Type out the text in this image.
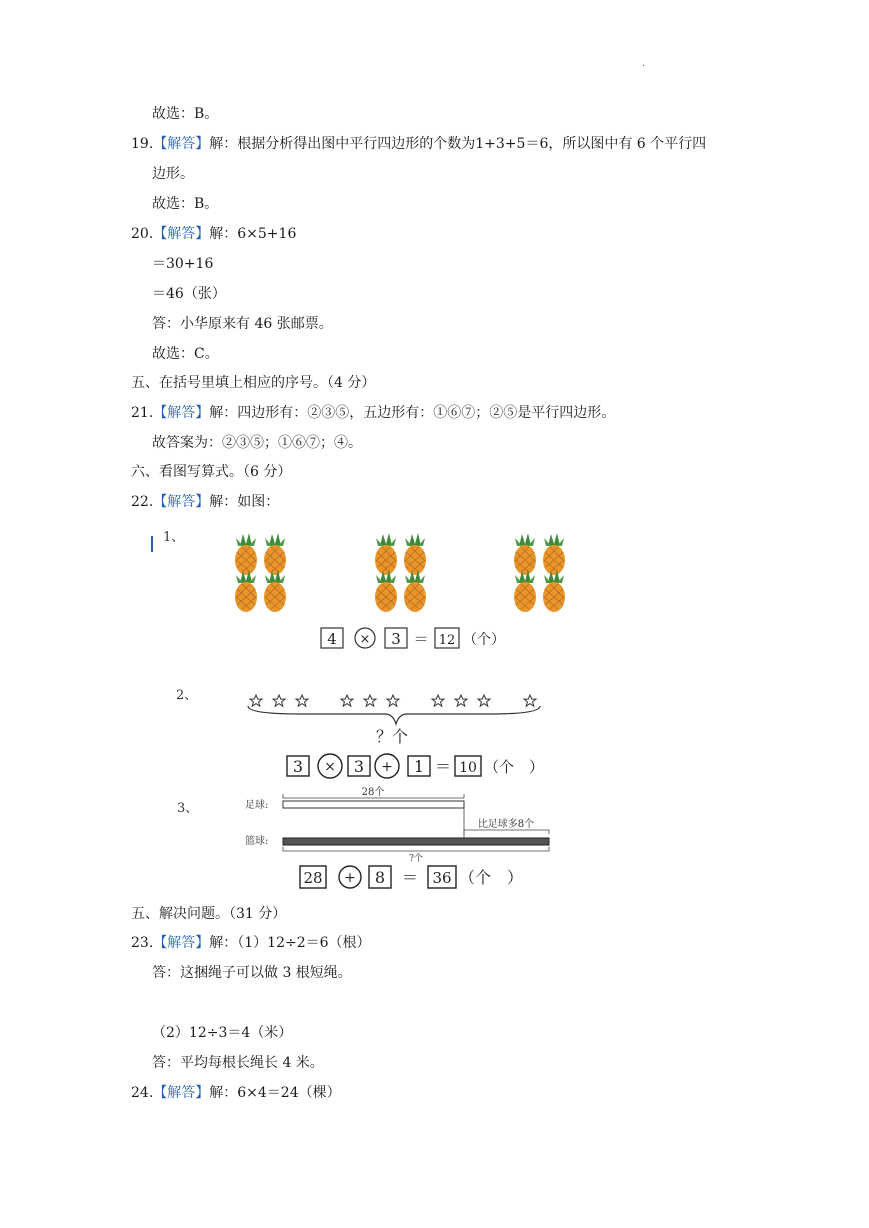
.
故选：B。
19.【解答】解：根据分析得出图中平行四边形的个数为1+3+5＝6，所以图中有 6 个平行四
边形。
故选：B。
20.【解答】解：6×5+16
＝30+16
＝46（张）
答：小华原来有 46 张邮票。
故选：C。
五、在括号里填上相应的序号。（4 分）
21.【解答】解：四边形有：②③⑤，五边形有：①⑥⑦；②⑤是平行四边形。
故答案为：②③⑤；①⑥⑦；④。
六、看图写算式。（6 分）
22.【解答】解：如图：
1、
4 × 3 ＝ 12 （个）
2、
？个
3 × 3 + 1 ＝ 10 （个　）
3、	足球:
篮球:
28个
比足球多8个
?个
28 + 8 ＝ 36 （个　）
五、解决问题。（31 分）
23.【解答】解：（1）12÷2＝6（根）
答：这捆绳子可以做 3 根短绳。
（2）12÷3＝4（米）
答：平均每根长绳长 4 米。
24.【解答】解：6×4＝24（棵）
